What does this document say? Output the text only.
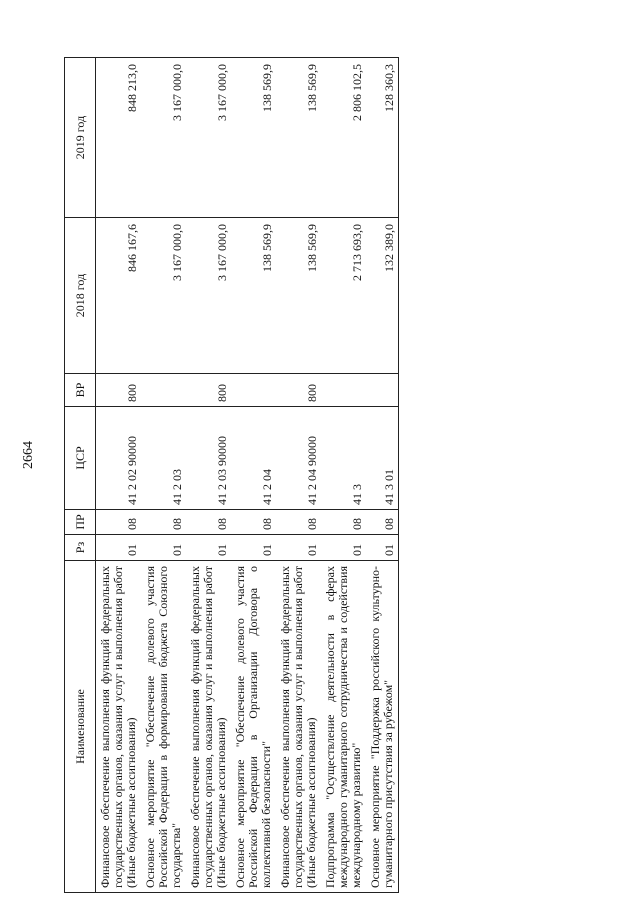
2664
Наименование	Рз	ПР	ЦСР	ВР	2018 год	2019 год
Финансовое обеспечение выполнения функций федеральных государственных органов, оказания услуг и выполнения работ (Иные бюджетные ассигнования)	01	08	41 2 02 90000	800	846 167,6	848 213,0
Основное мероприятие "Обеспечение долевого участия Российской Федерации в формировании бюджета Союзного государства"	01	08	41 2 03		3 167 000,0	3 167 000,0
Финансовое обеспечение выполнения функций федеральных государственных органов, оказания услуг и выполнения работ (Иные бюджетные ассигнования)	01	08	41 2 03 90000	800	3 167 000,0	3 167 000,0
Основное мероприятие "Обеспечение долевого участия Российской Федерации в Организации Договора о коллективной безопасности"	01	08	41 2 04		138 569,9	138 569,9
Финансовое обеспечение выполнения функций федеральных государственных органов, оказания услуг и выполнения работ (Иные бюджетные ассигнования)	01	08	41 2 04 90000	800	138 569,9	138 569,9
Подпрограмма "Осуществление деятельности в сферах международного гуманитарного сотрудничества и содействия международному развитию"	01	08	41 3		2 713 693,0	2 806 102,5
Основное мероприятие "Поддержка российского культурно-гуманитарного присутствия за рубежом"	01	08	41 3 01		132 389,0	128 360,3
